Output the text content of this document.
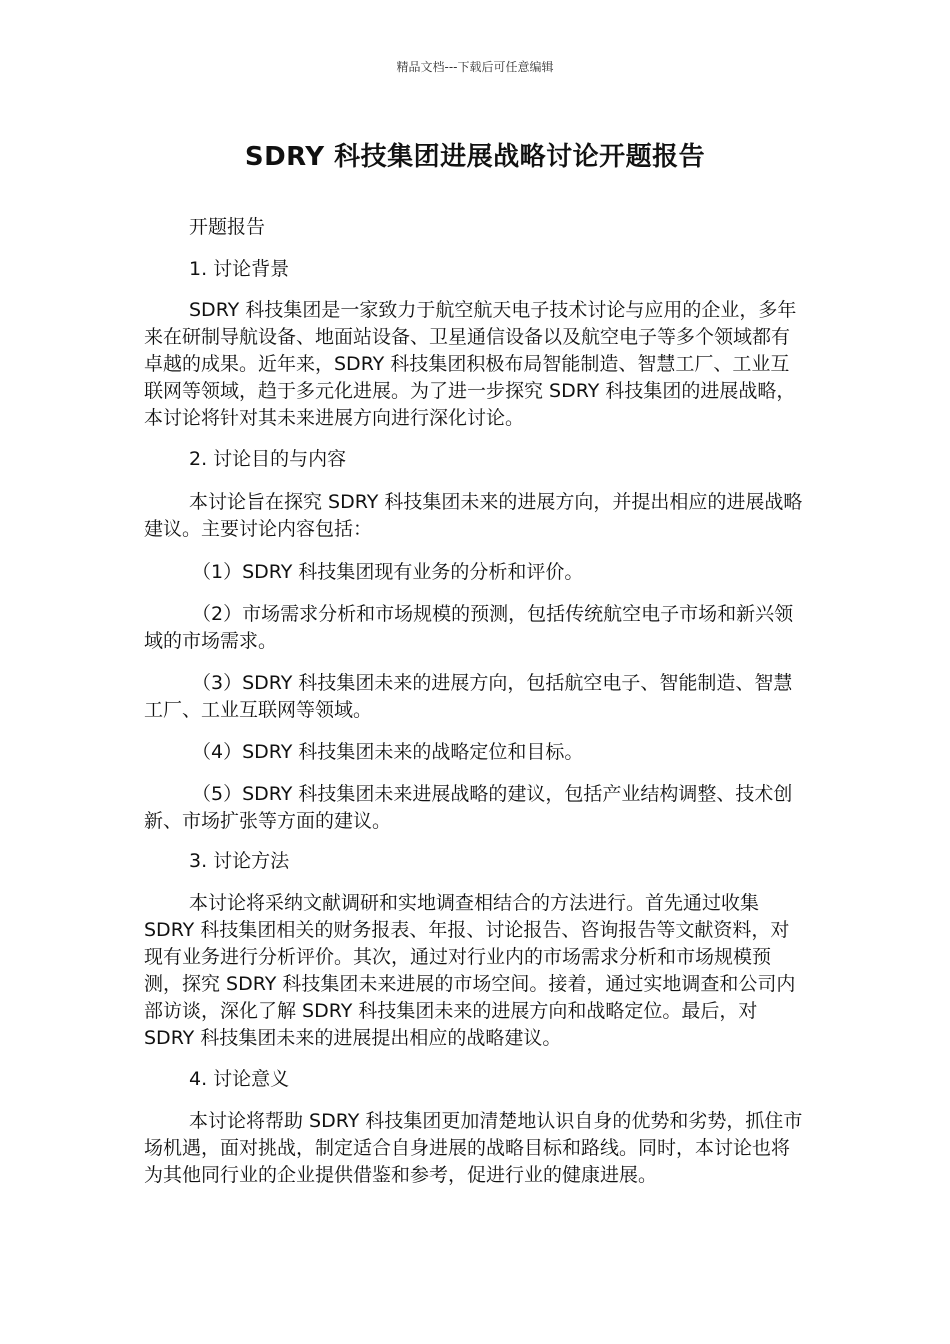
精品文档---下载后可任意编辑
SDRY 科技集团进展战略讨论开题报告

开题报告

1. 讨论背景

SDRY 科技集团是一家致力于航空航天电子技术讨论与应用的企业，多年来在研制导航设备、地面站设备、卫星通信设备以及航空电子等多个领域都有卓越的成果。近年来，SDRY 科技集团积极布局智能制造、智慧工厂、工业互联网等领域，趋于多元化进展。为了进一步探究 SDRY 科技集团的进展战略，本讨论将针对其未来进展方向进行深化讨论。

2. 讨论目的与内容

本讨论旨在探究 SDRY 科技集团未来的进展方向，并提出相应的进展战略建议。主要讨论内容包括：

（1）SDRY 科技集团现有业务的分析和评价。

（2）市场需求分析和市场规模的预测，包括传统航空电子市场和新兴领域的市场需求。

（3）SDRY 科技集团未来的进展方向，包括航空电子、智能制造、智慧工厂、工业互联网等领域。

（4）SDRY 科技集团未来的战略定位和目标。

（5）SDRY 科技集团未来进展战略的建议，包括产业结构调整、技术创新、市场扩张等方面的建议。

3. 讨论方法

本讨论将采纳文献调研和实地调查相结合的方法进行。首先通过收集 SDRY 科技集团相关的财务报表、年报、讨论报告、咨询报告等文献资料，对现有业务进行分析评价。其次，通过对行业内的市场需求分析和市场规模预测，探究 SDRY 科技集团未来进展的市场空间。接着，通过实地调查和公司内部访谈，深化了解 SDRY 科技集团未来的进展方向和战略定位。最后，对 SDRY 科技集团未来的进展提出相应的战略建议。

4. 讨论意义

本讨论将帮助 SDRY 科技集团更加清楚地认识自身的优势和劣势，抓住市场机遇，面对挑战，制定适合自身进展的战略目标和路线。同时，本讨论也将为其他同行业的企业提供借鉴和参考，促进行业的健康进展。
